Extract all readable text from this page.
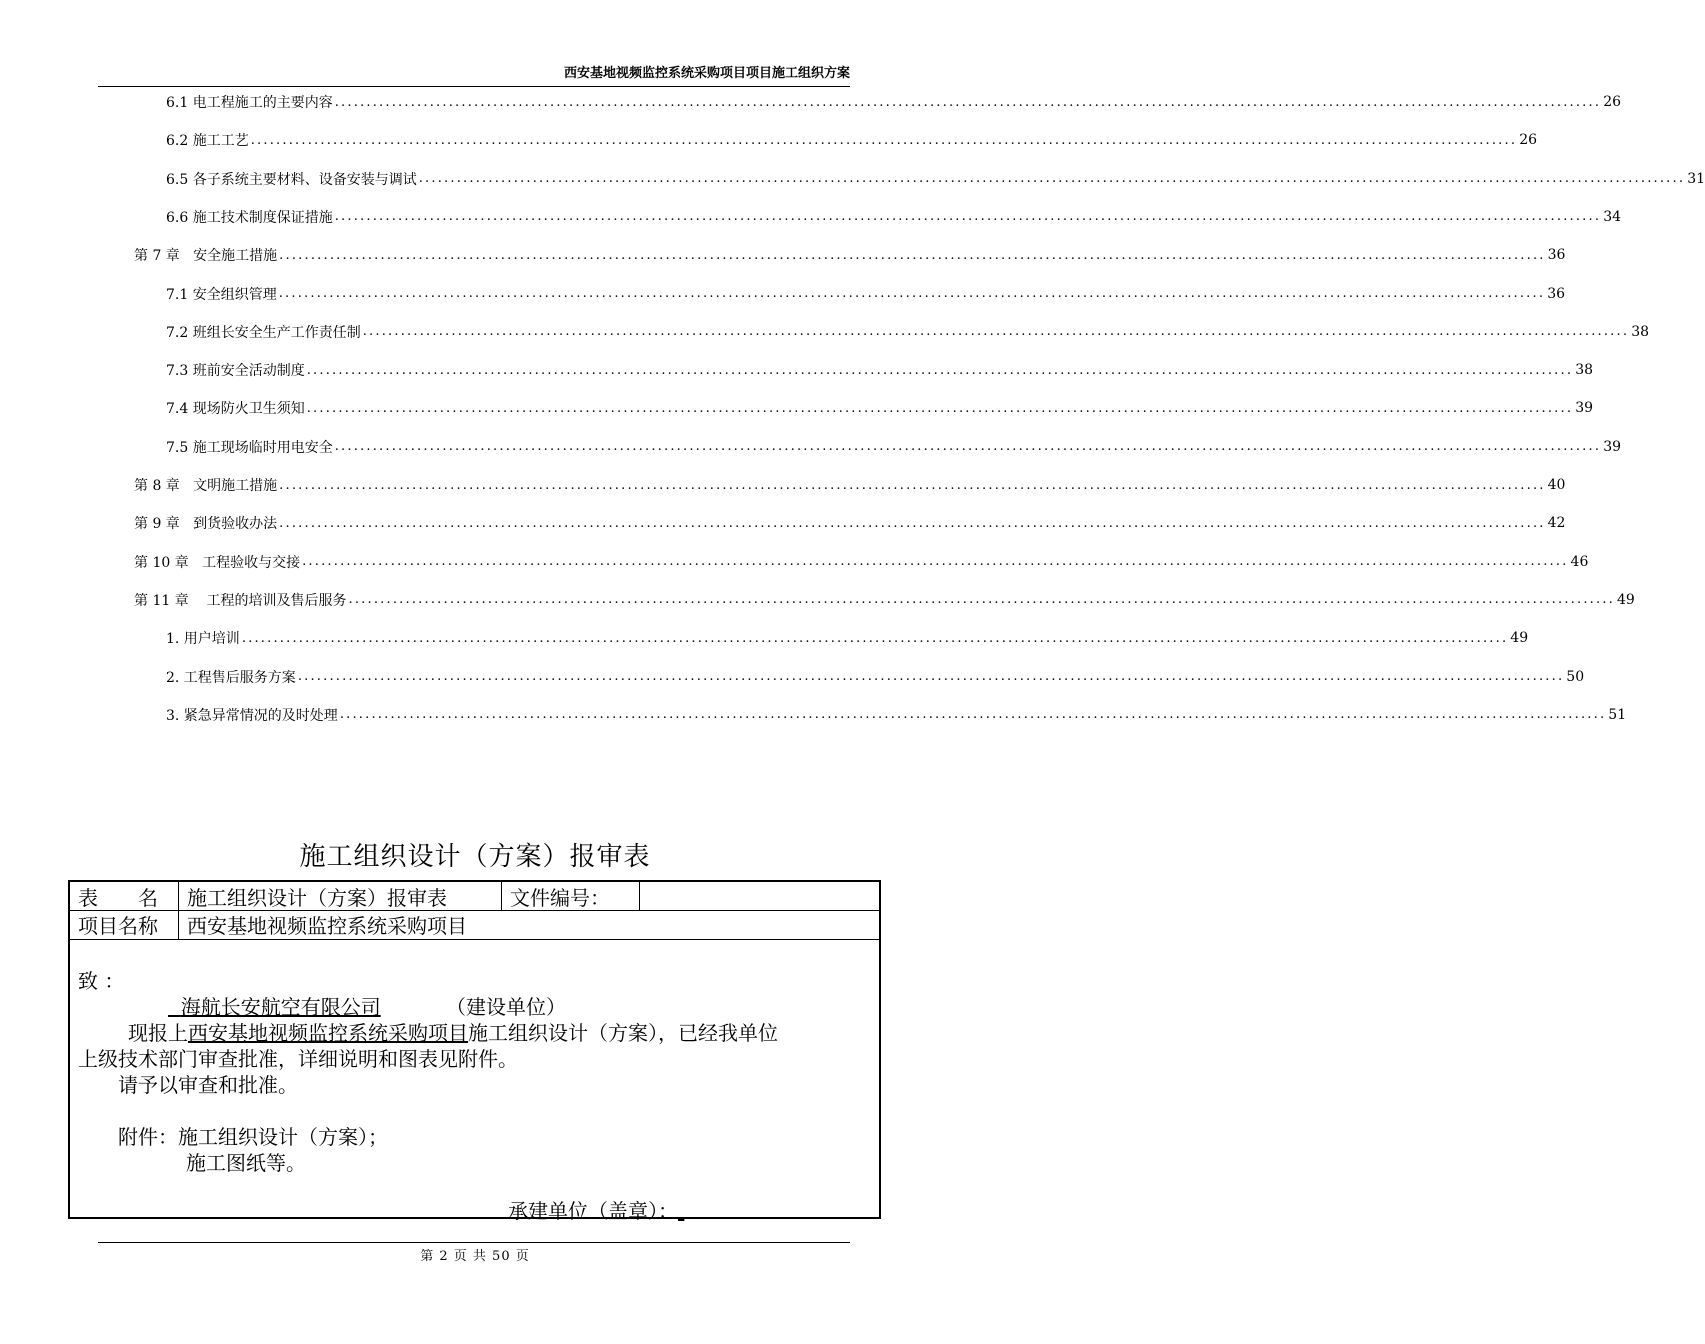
西安基地视频监控系统采购项目项目施工组织方案
6.1 电工程施工的主要内容 ........................................................................................................................................................................................................ 26
6.2 施工工艺 ........................................................................................................................................................................................................ 26
6.5 各子系统主要材料、设备安装与调试 ........................................................................................................................................................................................................ 31
6.6 施工技术制度保证措施 ........................................................................................................................................................................................................ 34
第 7 章   安全施工措施 ........................................................................................................................................................................................................ 36
7.1 安全组织管理 ........................................................................................................................................................................................................ 36
7.2 班组长安全生产工作责任制 ........................................................................................................................................................................................................ 38
7.3 班前安全活动制度 ........................................................................................................................................................................................................ 38
7.4 现场防火卫生须知 ........................................................................................................................................................................................................ 39
7.5 施工现场临时用电安全 ........................................................................................................................................................................................................ 39
第 8 章   文明施工措施 ........................................................................................................................................................................................................ 40
第 9 章   到货验收办法 ........................................................................................................................................................................................................ 42
第 10 章   工程验收与交接 ........................................................................................................................................................................................................ 46
第 11 章    工程的培训及售后服务 ........................................................................................................................................................................................................ 49
1. 用户培训 ........................................................................................................................................................................................................ 49
2. 工程售后服务方案 ........................................................................................................................................................................................................ 50
3. 紧急异常情况的及时处理 ........................................................................................................................................................................................................ 51
施工组织设计（方案）报审表
表　　名	施工组织设计（方案）报审表	文件编号：
项目名称	西安基地视频监控系统采购项目
致 ：
海航长安航空有限公司	（建设单位）
现报上西安基地视频监控系统采购项目施工组织设计（方案），已经我单位
上级技术部门审查批准，详细说明和图表见附件。
请予以审查和批准。
附件：施工组织设计（方案）；
施工图纸等。
承建单位（盖章）：
第 2 页 共 50 页
